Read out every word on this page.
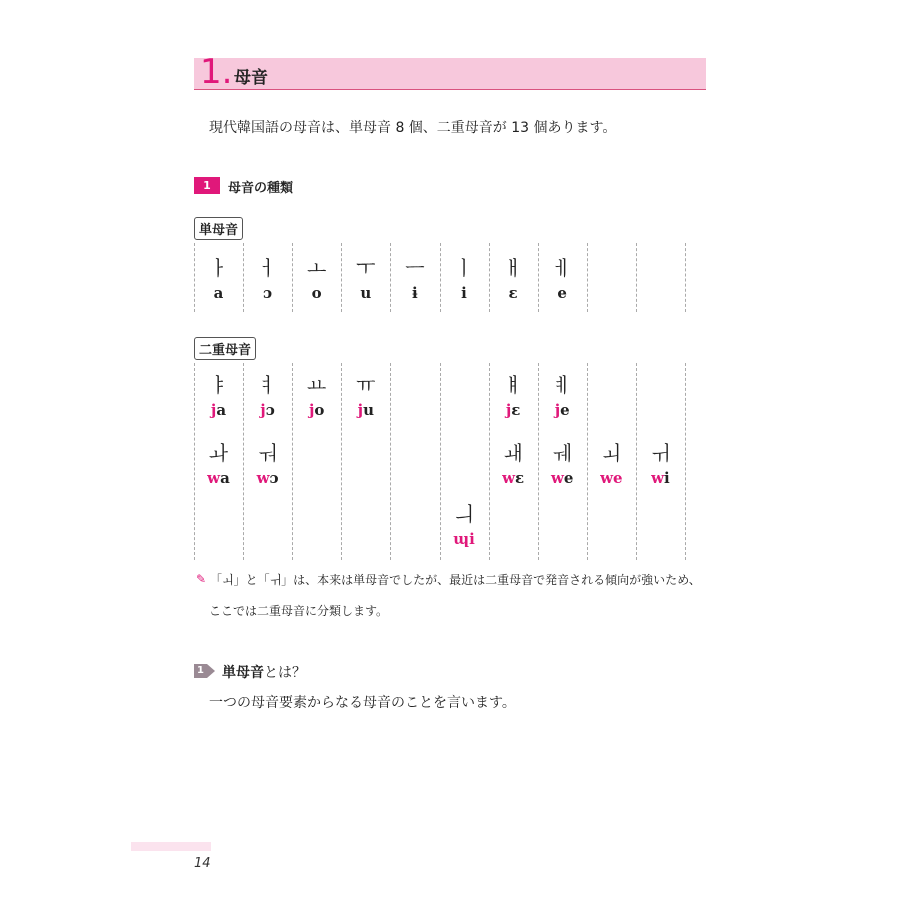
1. 母音
現代韓国語の母音は、単母音 8 個、二重母音が 13 個あります。
1	母音の種類
単母音
ㅏ
a
ㅓ
ɔ
ㅗ
o
ㅜ
u
ㅡ
ɨ
ㅣ
i
ㅐ
ɛ
ㅔ
e
二重母音
ㅑ
ja
ㅕ
jɔ
ㅛ
jo
ㅠ
ju
ㅒ
jɛ
ㅖ
je
ㅘ
wa
ㅝ
wɔ
ㅙ
wɛ
ㅞ
we
ㅚ
we
ㅟ
wi
ㅢ
ɰi
✎ 「ㅚ」と「ㅟ」は、本来は単母音でしたが、最近は二重母音で発音される傾向が強いため、
ここでは二重母音に分類します。
1 単母音とは？
一つの母音要素からなる母音のことを言います。
14
